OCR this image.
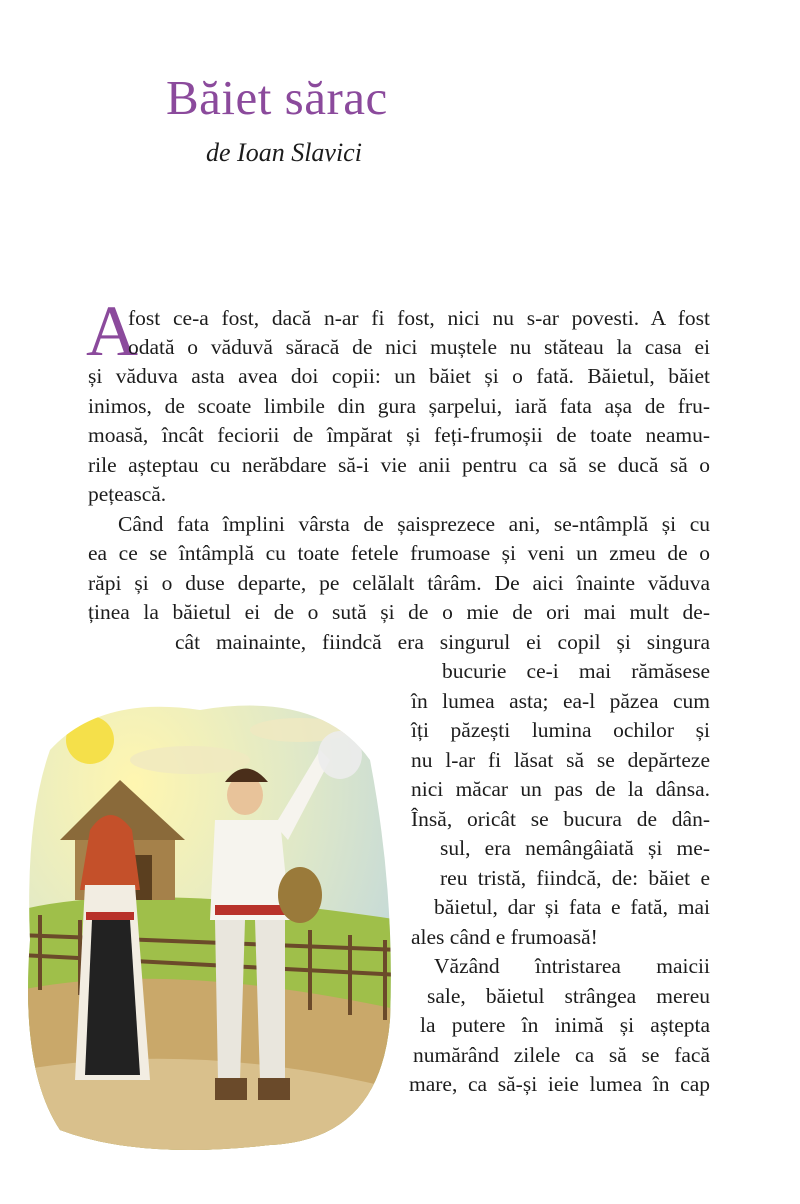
Băiet sărac
de Ioan Slavici
A
fost ce-a fost, dacă n-ar fi fost, nici nu s-ar povesti. A fost
odată o văduvă săracă de nici muștele nu stăteau la casa ei
și văduva asta avea doi copii: un băiet și o fată. Băietul, băiet
inimos, de scoate limbile din gura șarpelui, iară fata așa de fru-
moasă, încât feciorii de împărat și feți-frumoșii de toate neamu-
rile așteptau cu nerăbdare să-i vie anii pentru ca să se ducă să o
pețească.
Când fata împlini vârsta de șaisprezece ani, se-ntâmplă și cu
ea ce se întâmplă cu toate fetele frumoase și veni un zmeu de o
răpi și o duse departe, pe celălalt târâm. De aici înainte văduva
ținea la băietul ei de o sută și de o mie de ori mai mult de-
cât mainainte, fiindcă era singurul ei copil și singura
bucurie ce-i mai rămăsese
în lumea asta; ea-l păzea cum
îți păzești lumina ochilor și
nu l-ar fi lăsat să se depărteze
nici măcar un pas de la dânsa.
Însă, oricât se bucura de dân-
sul, era nemângâiată și me-
reu tristă, fiindcă, de: băiet e
băietul, dar și fata e fată, mai
ales când e frumoasă!
Văzând întristarea maicii
sale, băietul strângea mereu
la putere în inimă și aștepta
numărând zilele ca să se facă
mare, ca să-și ieie lumea în cap
